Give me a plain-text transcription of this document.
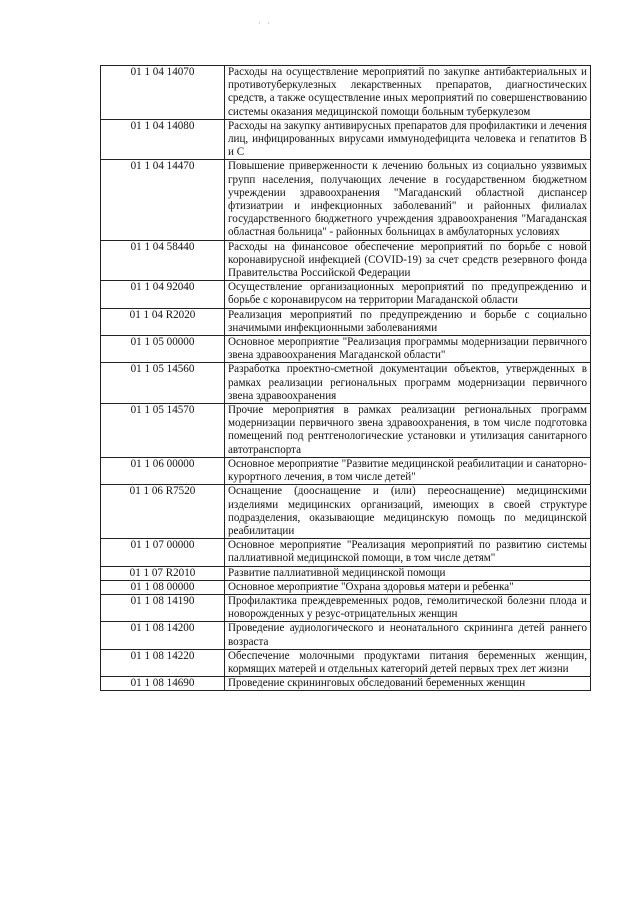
· ·
01 1 04 14070	Расходы на осуществление мероприятий по закупке антибактериальных и противотуберкулезных лекарственных препаратов, диагностических средств, а также осуществление иных мероприятий по совершенствованию системы оказания медицинской помощи больным туберкулезом
01 1 04 14080	Расходы на закупку антивирусных препаратов для профилактики и лечения лиц, инфицированных вирусами иммунодефицита человека и гепатитов В и С
01 1 04 14470	Повышение приверженности к лечению больных из социально уязвимых групп населения, получающих лечение в государственном бюджетном учреждении здравоохранения "Магаданский областной диспансер фтизиатрии и инфекционных заболеваний" и районных филиалах государственного бюджетного учреждения здравоохранения "Магаданская областная больница" - районных больницах в амбулаторных условиях
01 1 04 58440	Расходы на финансовое обеспечение мероприятий по борьбе с новой коронавирусной инфекцией (COVID-19) за счет средств резервного фонда Правительства Российской Федерации
01 1 04 92040	Осуществление организационных мероприятий по предупреждению и борьбе с коронавирусом на территории Магаданской области
01 1 04 R2020	Реализация мероприятий по предупреждению и борьбе с социально значимыми инфекционными заболеваниями
01 1 05 00000	Основное мероприятие "Реализация программы модернизации первичного звена здравоохранения Магаданской области"
01 1 05 14560	Разработка проектно-сметной документации объектов, утвержденных в рамках реализации региональных программ модернизации первичного звена здравоохранения
01 1 05 14570	Прочие мероприятия в рамках реализации региональных программ модернизации первичного звена здравоохранения, в том числе подготовка помещений под рентгенологические установки и утилизация санитарного автотранспорта
01 1 06 00000	Основное мероприятие "Развитие медицинской реабилитации и санаторно-курортного лечения, в том числе детей"
01 1 06 R7520	Оснащение (дооснащение и (или) переоснащение) медицинскими изделиями медицинских организаций, имеющих в своей структуре подразделения, оказывающие медицинскую помощь по медицинской реабилитации
01 1 07 00000	Основное мероприятие "Реализация мероприятий по развитию системы паллиативной медицинской помощи, в том числе детям"
01 1 07 R2010	Развитие паллиативной медицинской помощи
01 1 08 00000	Основное мероприятие "Охрана здоровья матери и ребенка"
01 1 08 14190	Профилактика преждевременных родов, гемолитической болезни плода и новорожденных у резус-отрицательных женщин
01 1 08 14200	Проведение аудиологического и неонатального скрининга детей раннего возраста
01 1 08 14220	Обеспечение молочными продуктами питания беременных женщин, кормящих матерей и отдельных категорий детей первых трех лет жизни
01 1 08 14690	Проведение скрининговых обследований беременных женщин
